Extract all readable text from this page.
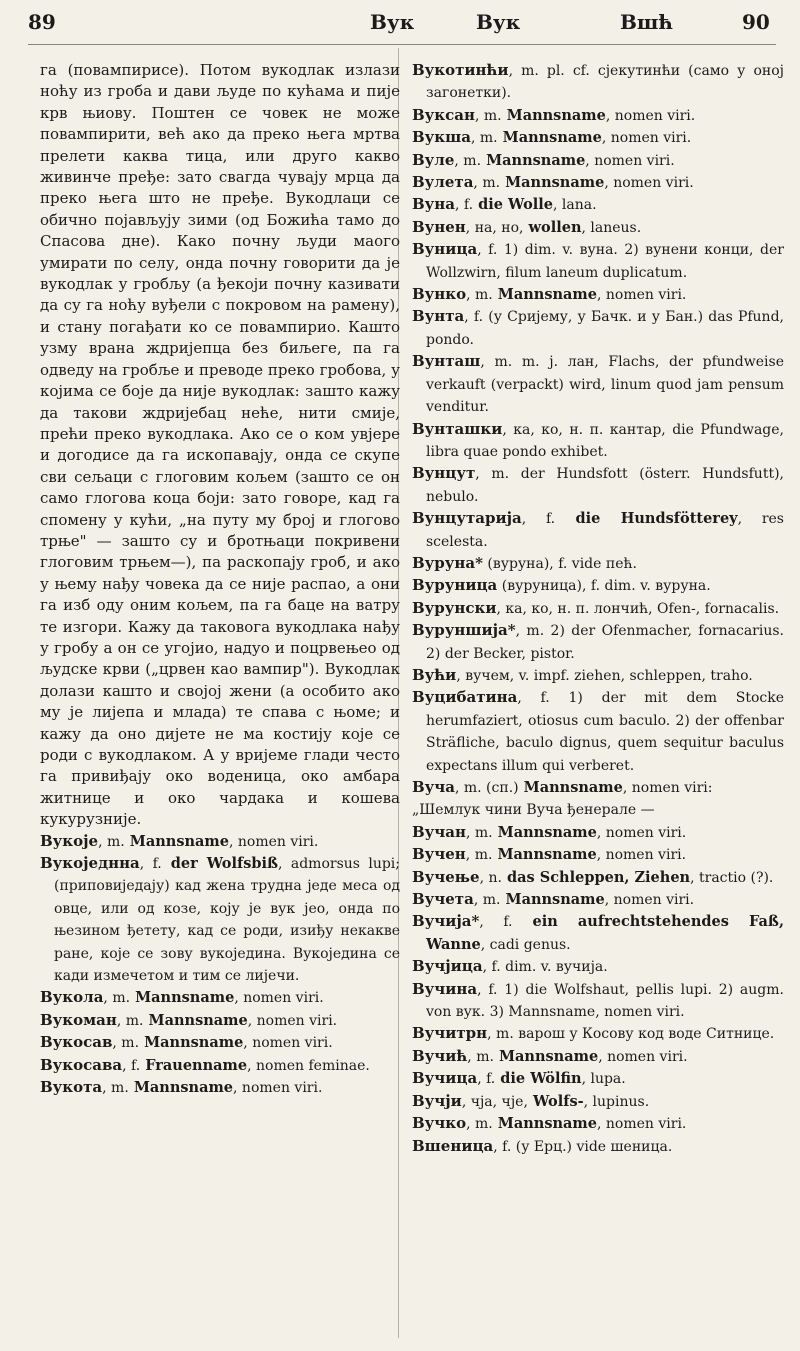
89	Вук	Вук	Вшћ	90

га (повампирисе). Потом вукодлак излази ноћу из гроба и дави људе по кућама и пије крв њиову. Поштен се човек не може повампирити, већ ако да преко њега мртва прелети каква тица, или друго какво живинче пређе: зато свагда чувају мрца да преко њега што не пређе. Вукодлаци се обично појављују зими (од Божића тамо до Спасова дне). Како почну људи маого умирати по селу, онда почну говорити да је вукодлак у гробљу (а ђекоји почну казивати да су га ноћу вуђели с покровом на рамену), и стану погађати ко се повампирио. Кашто узму врана ждријепца без биљеге, па га одведу на гробље и преводе преко гробова, у којима се боје да није вукодлак: зашто кажу да такови ждријебац неће, нити смије, прећи преко вукодлака. Ако се о ком увјере и догодисе да га ископавају, онда се скупе сви сељаци с глоговим кољем (зашто се он само глогова коца боји: зато говоре, кад га спомену у кући, „на путу му број и глогово трње" — зашто су и бротњаци покривени глоговим трњем—), па раскопају гроб, и ако у њему нађу човека да се није распао, а они га изб оду оним кољем, па га баце на ватру те изгори. Кажу да таковога вукодлака нађу у гробу а он се угојио, надуо и поцрвењео од људске крви („црвен као вампир"). Вукодлак долази кашто и својој жени (а особито ако му је лијепа и млада) те спава с њоме; и кажу да оно дијете не ма костију које се роди с вукодлаком. А у вријеме глади често га привиђају око воденица, око амбара житнице и око чардака и кошева кукурузније.

Вукоје, m. Mannsname, nomen viri.

Вукоједнна, f. der Wolfsbiß, admorsus lupi; (приповиједају) кад жена трудна једе меса од овце, или од козе, коју је вук јео, онда по њезином ђетету, кад се роди, изиђу некакве ране, које се зову вукојединa. Вукојединa се кади измечетом и тим се лијечи.

Вукола, m. Mannsname, nomen viri.

Вукоман, m. Mannsname, nomen viri.

Вукосав, m. Mannsname, nomen viri.

Вукосава, f. Frauenname, nomen feminae.

Вукота, m. Mannsname, nomen viri.

Вукотинћи, m. pl. cf. сјекутинћи (само у оној загонетки).

Вуксан, m. Mannsname, nomen viri.

Вукша, m. Mannsname, nomen viri.

Вуле, m. Mannsname, nomen viri.

Вулета, m. Mannsname, nomen viri.

Вуна, f. die Wolle, lana.

Вунен, на, но, wollen, laneus.

Вуница, f. 1) dim. v. вуна. 2) вунени конци, der Wollzwirn, filum laneum duplicatum.

Вунко, m. Mannsname, nomen viri.

Вунта, f. (у Сријему, у Бачк. и у Бан.) das Pfund, pondo.

Вунташ, m. m. j. лан, Flachs, der pfundweise verkauft (verpackt) wird, linum quod jam pensum venditur.

Вунташки, ка, ко, н. п. кантар, die Pfundwage, libra quae pondo exhibet.

Вунцут, m. der Hundsfott (österr. Hundsfutt), nebulo.

Вунцутарија, f. die Hundsfötterey, res scelesta.

Вуруна* (вуруна), f. vide пећ.

Вуруница (вуруница), f. dim. v. вуруна.

Вурунски, ка, ко, н. п. лончић, Ofen-, fornacalis.

Вуруншија*, m. 2) der Ofenmacher, fornacarius. 2) der Becker, pistor.

Вући, вучем, v. impf. ziehen, schleppen, traho.

Вуцибатина, f. 1) der mit dem Stocke herumfaziert, otiosus cum baculo. 2) der offenbar Sträfliche, baculo dignus, quem sequitur baculus expectans illum qui verberet.

Вуча, m. (сп.) Mannsname, nomen viri:

„Шемлук чини Вуча ђенерале —

Вучан, m. Mannsname, nomen viri.

Вучен, m. Mannsname, nomen viri.

Вучење, n. das Schleppen, Ziehen, tractio (?).

Вучета, m. Mannsname, nomen viri.

Вучија*, f. ein aufrechtstehendes Faß, Wanne, cadi genus.

Вучјица, f. dim. v. вучија.

Вучина, f. 1) die Wolfshaut, pellis lupi. 2) augm. von вук. 3) Mannsname, nomen viri.

Вучитрн, m. варош у Косову код воде Ситнице.

Вучић, m. Mannsname, nomen viri.

Вучица, f. die Wölfin, lupa.

Вучји, чја, чје, Wolfs-, lupinus.

Вучко, m. Mannsname, nomen viri.

Вшеница, f. (у Ерц.) vide шеница.
